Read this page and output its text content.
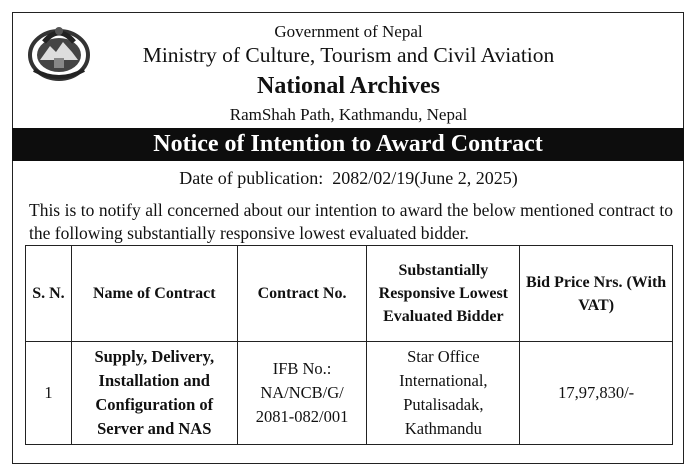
Government of Nepal
Ministry of Culture, Tourism and Civil Aviation
National Archives
RamShah Path, Kathmandu, Nepal
Notice of Intention to Award Contract
Date of publication: 2082/02/19(June 2, 2025)
This is to notify all concerned about our intention to award the below mentioned contract to the following substantially responsive lowest evaluated bidder.
S. N.	Name of Contract	Contract No.	Substantially Responsive Lowest Evaluated Bidder	Bid Price Nrs. (With VAT)
1	Supply, Delivery, Installation and Configuration of Server and NAS	IFB No.: NA/NCB/G/ 2081-082/001	Star Office International, Putalisadak, Kathmandu	17,97,830/-
